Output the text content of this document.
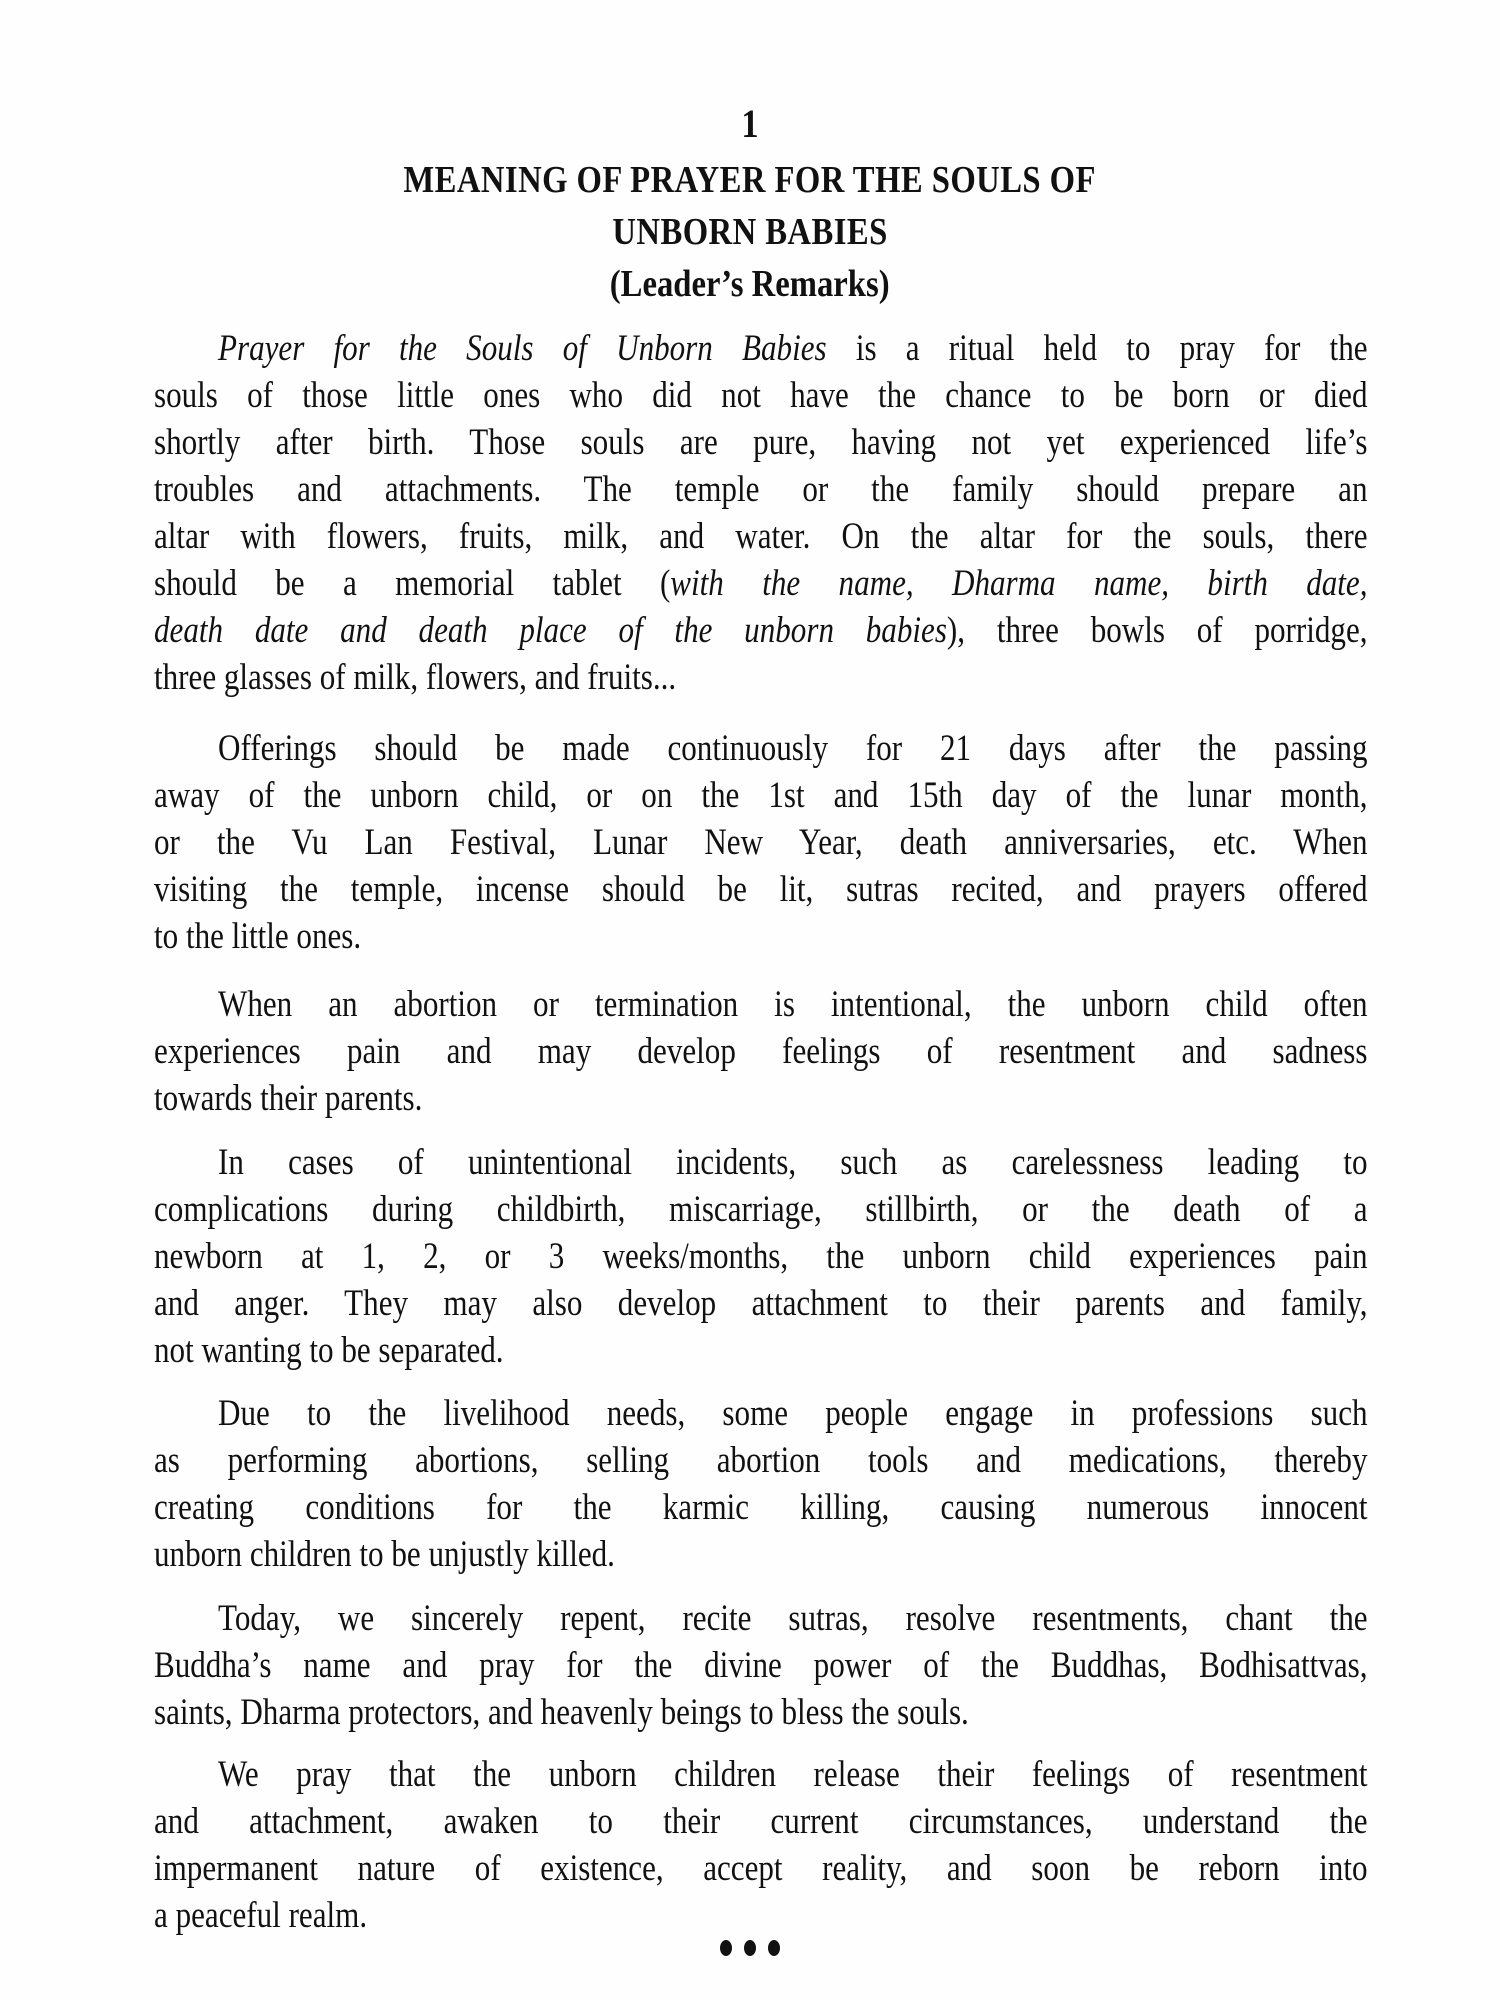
1
MEANING OF PRAYER FOR THE SOULS OF
UNBORN BABIES
(Leader’s Remarks)
Prayer for the Souls of Unborn Babies is a ritual held to pray for the
souls of those little ones who did not have the chance to be born or died
shortly after birth. Those souls are pure, having not yet experienced life’s
troubles and attachments. The temple or the family should prepare an
altar with flowers, fruits, milk, and water. On the altar for the souls, there
should be a memorial tablet (with the name, Dharma name, birth date,
death date and death place of the unborn babies), three bowls of porridge,
three glasses of milk, flowers, and fruits...
Offerings should be made continuously for 21 days after the passing
away of the unborn child, or on the 1st and 15th day of the lunar month,
or the Vu Lan Festival, Lunar New Year, death anniversaries, etc. When
visiting the temple, incense should be lit, sutras recited, and prayers offered
to the little ones.
When an abortion or termination is intentional, the unborn child often
experiences pain and may develop feelings of resentment and sadness
towards their parents.
In cases of unintentional incidents, such as carelessness leading to
complications during childbirth, miscarriage, stillbirth, or the death of a
newborn at 1, 2, or 3 weeks/months, the unborn child experiences pain
and anger. They may also develop attachment to their parents and family,
not wanting to be separated.
Due to the livelihood needs, some people engage in professions such
as performing abortions, selling abortion tools and medications, thereby
creating conditions for the karmic killing, causing numerous innocent
unborn children to be unjustly killed.
Today, we sincerely repent, recite sutras, resolve resentments, chant the
Buddha’s name and pray for the divine power of the Buddhas, Bodhisattvas,
saints, Dharma protectors, and heavenly beings to bless the souls.
We pray that the unborn children release their feelings of resentment
and attachment, awaken to their current circumstances, understand the
impermanent nature of existence, accept reality, and soon be reborn into
a peaceful realm.
